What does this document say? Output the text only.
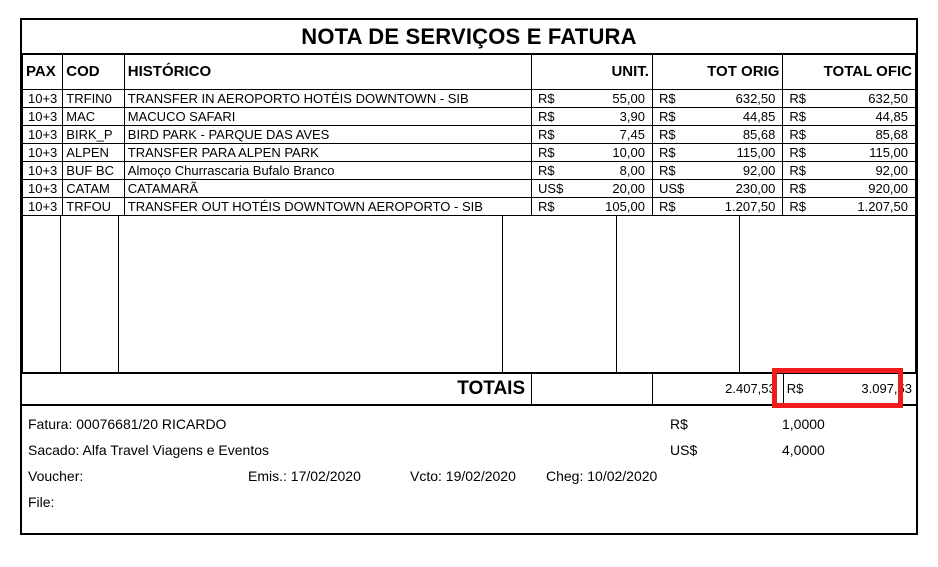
NOTA DE SERVIÇOS E FATURA
PAX	COD	HISTÓRICO	UNIT.	TOT ORIG	TOTAL OFIC
10+3	TRFIN0	TRANSFER IN AEROPORTO HOTÉIS DOWNTOWN - SIB	R$ 55,00	R$ 632,50	R$ 632,50

10+3	MAC	MACUCO SAFARI	R$ 3,90	R$ 44,85	R$ 44,85

10+3	BIRK_P	BIRD PARK - PARQUE DAS AVES	R$ 7,45	R$ 85,68	R$ 85,68

10+3	ALPEN	TRANSFER PARA ALPEN PARK	R$ 10,00	R$ 115,00	R$ 115,00

10+3	BUF BC	Almoço Churrascaria Bufalo Branco	R$ 8,00	R$ 92,00	R$ 92,00

10+3	CATAM	CATAMARÃ	US$ 20,00	US$ 230,00	R$ 920,00

10+3	TRFOU	TRANSFER OUT HOTÉIS DOWNTOWN AEROPORTO - SIB	R$ 105,00	R$ 1.207,50	R$ 1.207,50
TOTAIS		2.407,53	R$	3.097,53
Fatura: 00076681/20 RICARDO
Sacado: Alfa Travel Viagens e Eventos
Voucher:
File:
Emis.: 17/02/2020	Vcto: 19/02/2020 Cheg: 10/02/2020
R$	1,0000
US$	4,0000
